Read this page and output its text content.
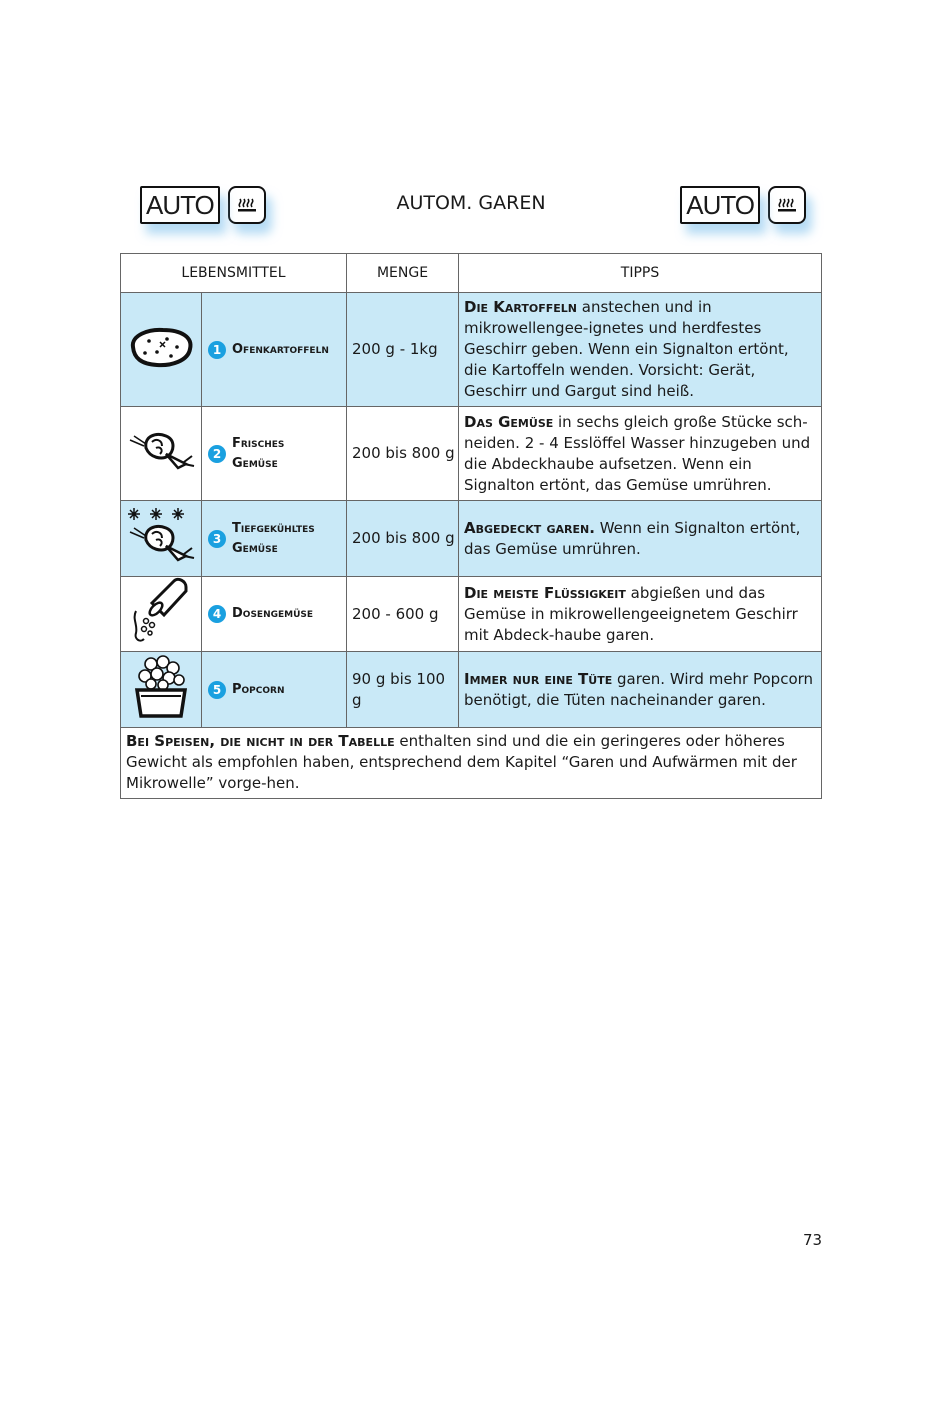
AUTO	AUTOM. GAREN	AUTO
LEBENSMITTEL		MENGE	TIPPS

1 Ofenkartoffeln	200 g - 1kg	Die Kartoffeln anstechen und in mikrowellengee-ignetes und herdfestes Geschirr geben. Wenn ein Signalton ertönt, die Kartoffeln wenden. Vorsicht: Gerät, Geschirr und Gargut sind heiß.

2
Frisches
Gemüse	200 bis 800 g	Das Gemüse in sechs gleich große Stücke sch-neiden. 2 - 4 Esslöffel Wasser hinzugeben und die Abdeckhaube aufsetzen. Wenn ein Signalton ertönt, das Gemüse umrühren.

3
Tiefgekühltes
Gemüse	200 bis 800 g	Abgedeckt garen. Wenn ein Signalton ertönt, das Gemüse umrühren.

4 Dosengemüse	200 - 600 g	Die meiste Flüssigkeit abgießen und das Gemüse in mikrowellengeeignetem Geschirr mit Abdeck-haube garen.

5 Popcorn	90 g bis 100 g	Immer nur eine Tüte garen. Wird mehr Popcorn benötigt, die Tüten nacheinander garen.
Bei Speisen, die nicht in der Tabelle enthalten sind und die ein geringeres oder höheres Gewicht als empfohlen haben, entsprechend dem Kapitel “Garen und Aufwärmen mit der Mikrowelle” vorge-hen.			
73
